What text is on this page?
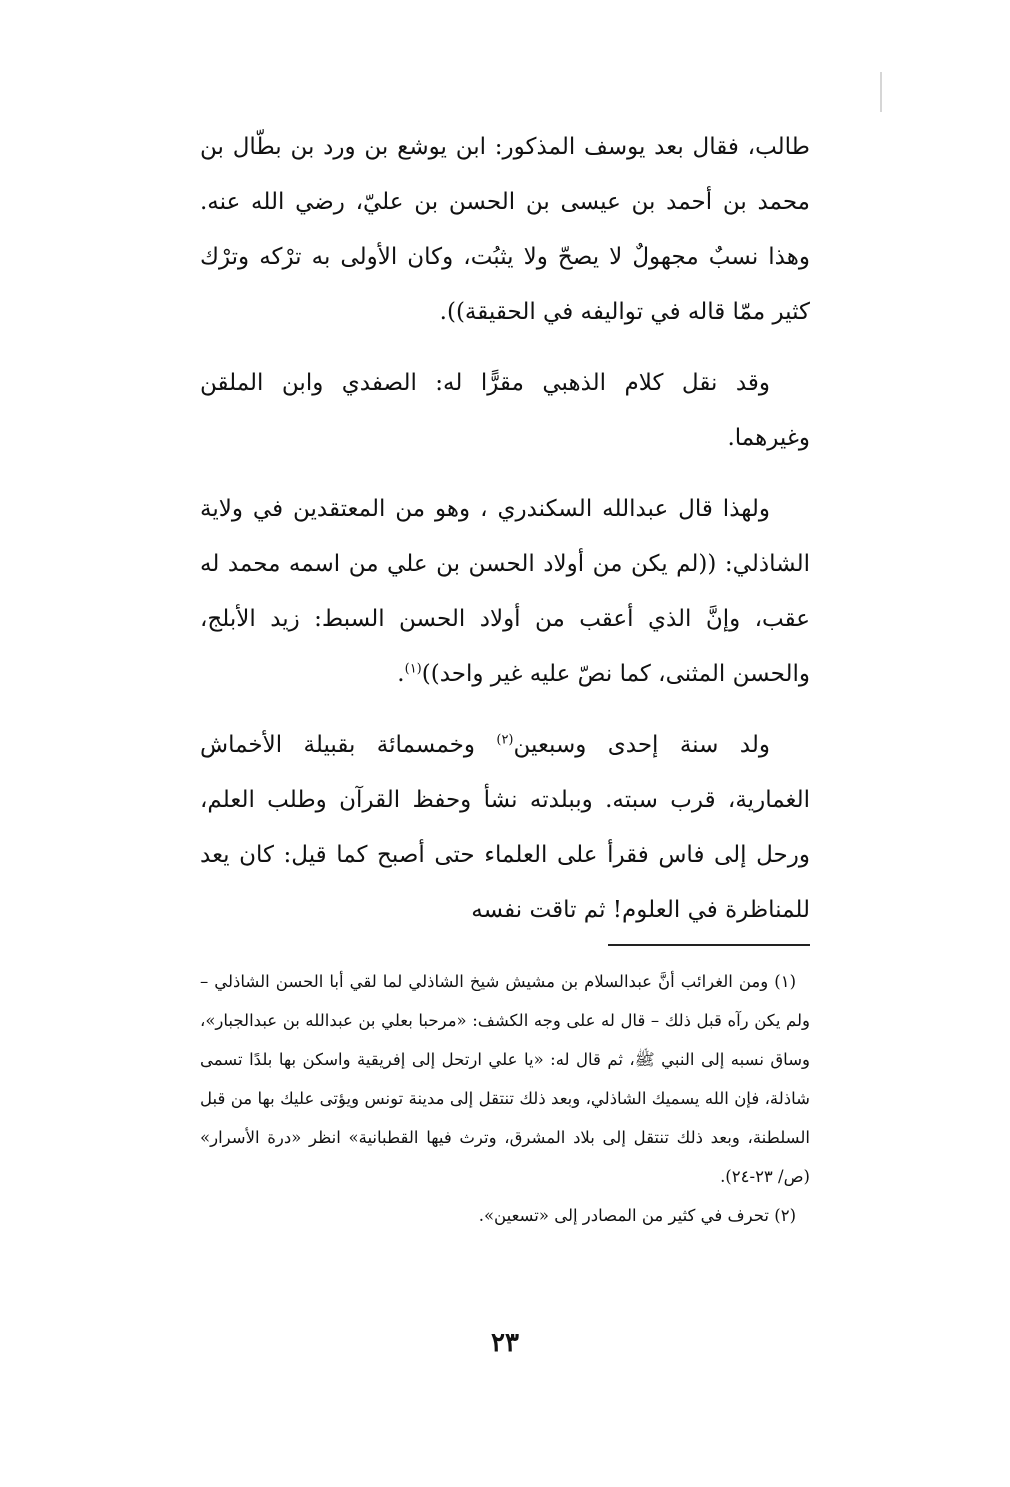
طالب، فقال بعد يوسف المذكور: ابن يوشع بن ورد بن بطّال بن محمد بن أحمد بن عيسى بن الحسن بن عليّ، رضي الله عنه. وهذا نسبٌ مجهولٌ لا يصحّ ولا يثبُت، وكان الأولى به ترْكه وترْك كثير ممّا قاله في تواليفه في الحقيقة)).

وقد نقل كلام الذهبي مقرًّا له: الصفدي وابن الملقن وغيرهما.

ولهذا قال عبدالله السكندري ، وهو من المعتقدين في ولاية الشاذلي: ((لم يكن من أولاد الحسن بن علي من اسمه محمد له عقب، وإنَّ الذي أعقب من أولاد الحسن السبط: زيد الأبلج، والحسن المثنى، كما نصّ عليه غير واحد))$^{(١)}$.

ولد سنة إحدى وسبعين$^{(٢)}$ وخمسمائة بقبيلة الأخماش الغمارية، قرب سبته. وببلدته نشأ وحفظ القرآن وطلب العلم، ورحل إلى فاس فقرأ على العلماء حتى أصبح كما قيل: كان يعد للمناظرة في العلوم! ثم تاقت نفسه

(١) ومن الغرائب أنَّ عبدالسلام بن مشيش شيخ الشاذلي لما لقي أبا الحسن الشاذلي – ولم يكن رآه قبل ذلك – قال له على وجه الكشف: «مرحبا بعلي بن عبدالله بن عبدالجبار»، وساق نسبه إلى النبي ﷺ، ثم قال له: «يا علي ارتحل إلى إفريقية واسكن بها بلدًا تسمى شاذلة، فإن الله يسميك الشاذلي، وبعد ذلك تنتقل إلى مدينة تونس ويؤتى عليك بها من قبل السلطنة، وبعد ذلك تنتقل إلى بلاد المشرق، وترث فيها القطبانية» انظر «درة الأسرار» (ص/ ٢٣-٢٤).

(٢) تحرف في كثير من المصادر إلى «تسعين».

٢٣
